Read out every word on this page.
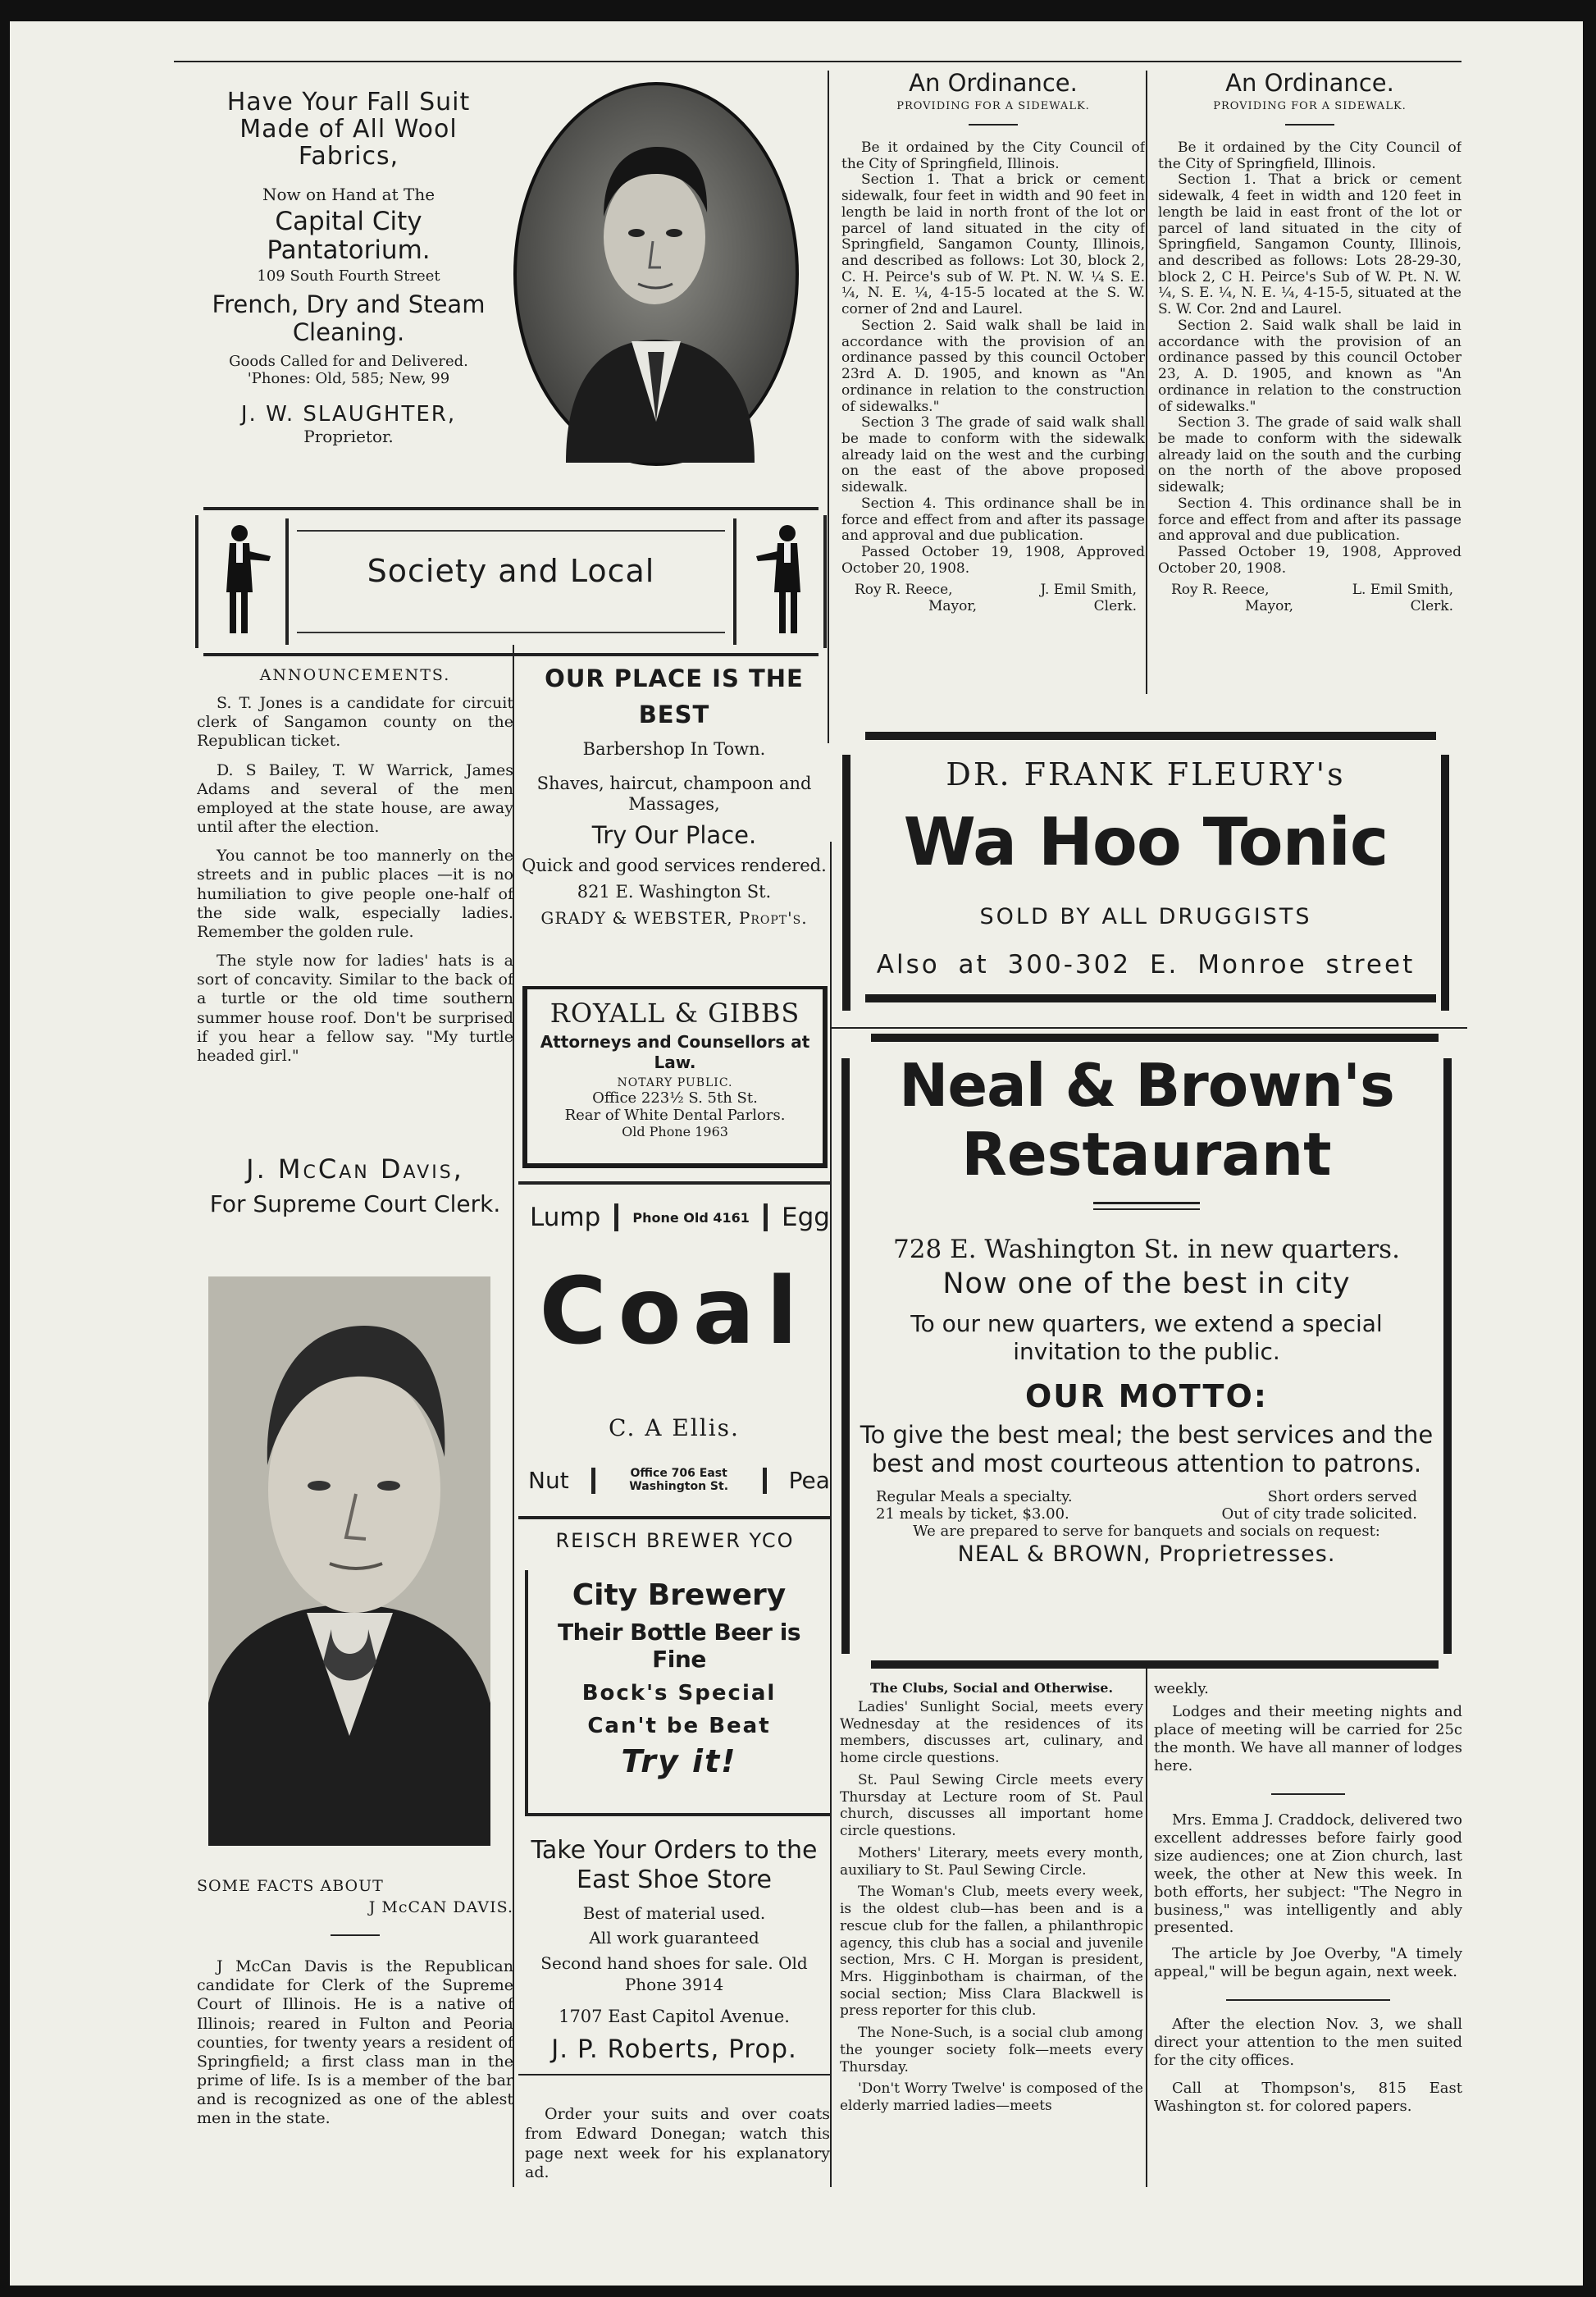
Have Your Fall Suit Made of All Wool Fabrics,

Now on Hand at The

Capital City Pantatorium.

109 South Fourth Street

French, Dry and Steam Cleaning.

Goods Called for and Delivered.

'Phones: Old, 585; New, 99

J. W. SLAUGHTER,

Proprietor.

An Ordinance.

PROVIDING FOR A SIDEWALK.

Be it ordained by the City Council of the City of Springfield, Illinois.

Section 1. That a brick or cement sidewalk, four feet in width and 90 feet in length be laid in north front of the lot or parcel of land situated in the city of Springfield, Sangamon County, Illinois, and described as follows: Lot 30, block 2, C. H. Peirce's sub of W. Pt. N. W. ¼ S. E. ¼, N. E. ¼, 4-15-5 located at the S. W. corner of 2nd and Laurel.

Section 2. Said walk shall be laid in accordance with the provision of an ordinance passed by this council October 23rd A. D. 1905, and known as "An ordinance in relation to the construction of sidewalks."

Section 3 The grade of said walk shall be made to conform with the sidewalk already laid on the west and the curbing on the east of the above proposed sidewalk.

Section 4. This ordinance shall be in force and effect from and after its passage and approval and due publication.

Passed October 19, 1908, Approved October 20, 1908.

Roy R. Reece,

Mayor,

J. Emil Smith,

Clerk.

An Ordinance.

PROVIDING FOR A SIDEWALK.

Be it ordained by the City Council of the City of Springfield, Illinois.

Section 1. That a brick or cement sidewalk, 4 feet in width and 120 feet in length be laid in east front of the lot or parcel of land situated in the city of Springfield, Sangamon County, Illinois, and described as follows: Lots 28-29-30, block 2, C H. Peirce's Sub of W. Pt. N. W. ¼, S. E. ¼, N. E. ¼, 4-15-5, situated at the S. W. Cor. 2nd and Laurel.

Section 2. Said walk shall be laid in accordance with the provision of an ordinance passed by this council October 23, A. D. 1905, and known as "An ordinance in relation to the construction of sidewalks."

Section 3. The grade of said walk shall be made to conform with the sidewalk already laid on the south and the curbing on the north of the above proposed sidewalk;

Section 4. This ordinance shall be in force and effect from and after its passage and approval and due publication.

Passed October 19, 1908, Approved October 20, 1908.

Roy R. Reece,

Mayor,

L. Emil Smith,

Clerk.

Society and Local

ANNOUNCEMENTS.

S. T. Jones is a candidate for circuit clerk of Sangamon county on the Republican ticket.

D. S Bailey, T. W Warrick, James Adams and several of the men employed at the state house, are away until after the election.

You cannot be too mannerly on the streets and in public places —it is no humiliation to give people one-half of the side walk, especially ladies. Remember the golden rule.

The style now for ladies' hats is a sort of concavity. Similar to the back of a turtle or the old time southern summer house roof. Don't be surprised if you hear a fellow say. "My turtle headed girl."

J. McCan Davis,

For Supreme Court Clerk.

SOME FACTS ABOUT

J McCAN DAVIS.

J McCan Davis is the Republican candidate for Clerk of the Supreme Court of Illinois. He is a native of Illinois; reared in Fulton and Peoria counties, for twenty years a resident of Springfield; a first class man in the prime of life. Is is a member of the bar and is recognized as one of the ablest men in the state.

OUR PLACE IS THE BEST

Barbershop In Town.

Shaves, haircut, champoon and Massages,

Try Our Place.

Quick and good services rendered.

821 E. Washington St.

GRADY & WEBSTER, Propt's.

ROYALL & GIBBS

Attorneys and Counsellors at Law.

NOTARY PUBLIC.

Office 223½ S. 5th St.

Rear of White Dental Parlors.

Old Phone 1963

Lump Phone Old 4161 Egg

Coal

C. A Ellis.

Nut	Office 706 East Washington St.	Pea

REISCH BREWER YCO

City Brewery

Their Bottle Beer is Fine

Bock's Special

Can't be Beat

Try it!

Take Your Orders to the East Shoe Store

Best of material used.

All work guaranteed

Second hand shoes for sale. Old Phone 3914

1707 East Capitol Avenue.

J. P. Roberts, Prop.

Order your suits and over coats from Edward Donegan; watch this page next week for his explanatory ad.

DR. FRANK FLEURY's

Wa Hoo Tonic

SOLD BY ALL DRUGGISTS

Also at 300-302 E. Monroe street

Neal & Brown's

Restaurant

728 E. Washington St. in new quarters.

Now one of the best in city

To our new quarters, we extend a special invitation to the public.

OUR MOTTO:

To give the best meal; the best services and the best and most courteous attention to patrons.

Regular Meals a specialty.	Short orders served
21 meals by ticket, $3.00.	Out of city trade solicited.

We are prepared to serve for banquets and socials on request:

NEAL & BROWN, Proprietresses.

The Clubs, Social and Otherwise.

Ladies' Sunlight Social, meets every Wednesday at the residences of its members, discusses art, culinary, and home circle questions.

St. Paul Sewing Circle meets every Thursday at Lecture room of St. Paul church, discusses all important home circle questions.

Mothers' Literary, meets every month, auxiliary to St. Paul Sewing Circle.

The Woman's Club, meets every week, is the oldest club—has been and is a rescue club for the fallen, a philanthropic agency, this club has a social and juvenile section, Mrs. C H. Morgan is president, Mrs. Higginbotham is chairman, of the social section; Miss Clara Blackwell is press reporter for this club.

The None-Such, is a social club among the younger society folk—meets every Thursday.

'Don't Worry Twelve' is composed of the elderly married ladies—meets

weekly.

Lodges and their meeting nights and place of meeting will be carried for 25c the month. We have all manner of lodges here.

Mrs. Emma J. Craddock, delivered two excellent addresses before fairly good size audiences; one at Zion church, last week, the other at New this week. In both efforts, her subject: "The Negro in business," was intelligently and ably presented.

The article by Joe Overby, "A timely appeal," will be begun again, next week.

After the election Nov. 3, we shall direct your attention to the men suited for the city offices.

Call at Thompson's, 815 East Washington st. for colored papers.
